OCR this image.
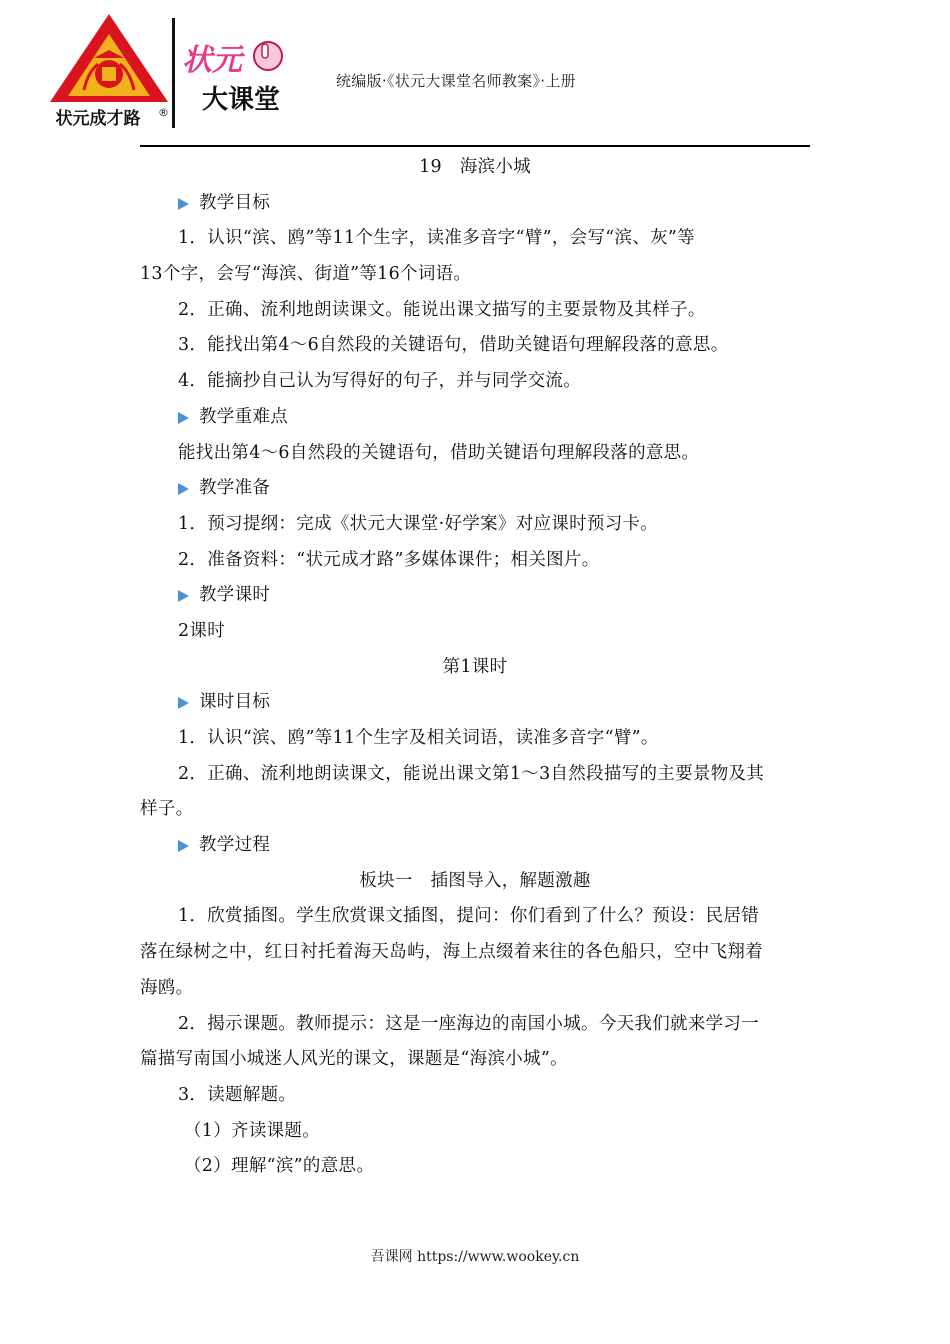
状元成才路 ®
状元
大课堂
统编版·《状元大课堂名师教案》·上册
19　海滨小城
教学目标
1．认识“滨、鸥”等11个生字，读准多音字“臂”，会写“滨、灰”等
13个字，会写“海滨、街道”等16个词语。
2．正确、流利地朗读课文。能说出课文描写的主要景物及其样子。
3．能找出第4～6自然段的关键语句，借助关键语句理解段落的意思。
4．能摘抄自己认为写得好的句子，并与同学交流。
教学重难点
能找出第4～6自然段的关键语句，借助关键语句理解段落的意思。
教学准备
1．预习提纲：完成《状元大课堂·好学案》对应课时预习卡。
2．准备资料：“状元成才路”多媒体课件；相关图片。
教学课时
2课时
第1课时
课时目标
1．认识“滨、鸥”等11个生字及相关词语，读准多音字“臂”。
2．正确、流利地朗读课文，能说出课文第1～3自然段描写的主要景物及其
样子。
教学过程
板块一　插图导入，解题激趣
1．欣赏插图。学生欣赏课文插图，提问：你们看到了什么？预设：民居错
落在绿树之中，红日衬托着海天岛屿，海上点缀着来往的各色船只，空中飞翔着
海鸥。
2．揭示课题。教师提示：这是一座海边的南国小城。今天我们就来学习一
篇描写南国小城迷人风光的课文，课题是“海滨小城”。
3．读题解题。
（1）齐读课题。
（2）理解“滨”的意思。
吾课网 https://www.wookey.cn
